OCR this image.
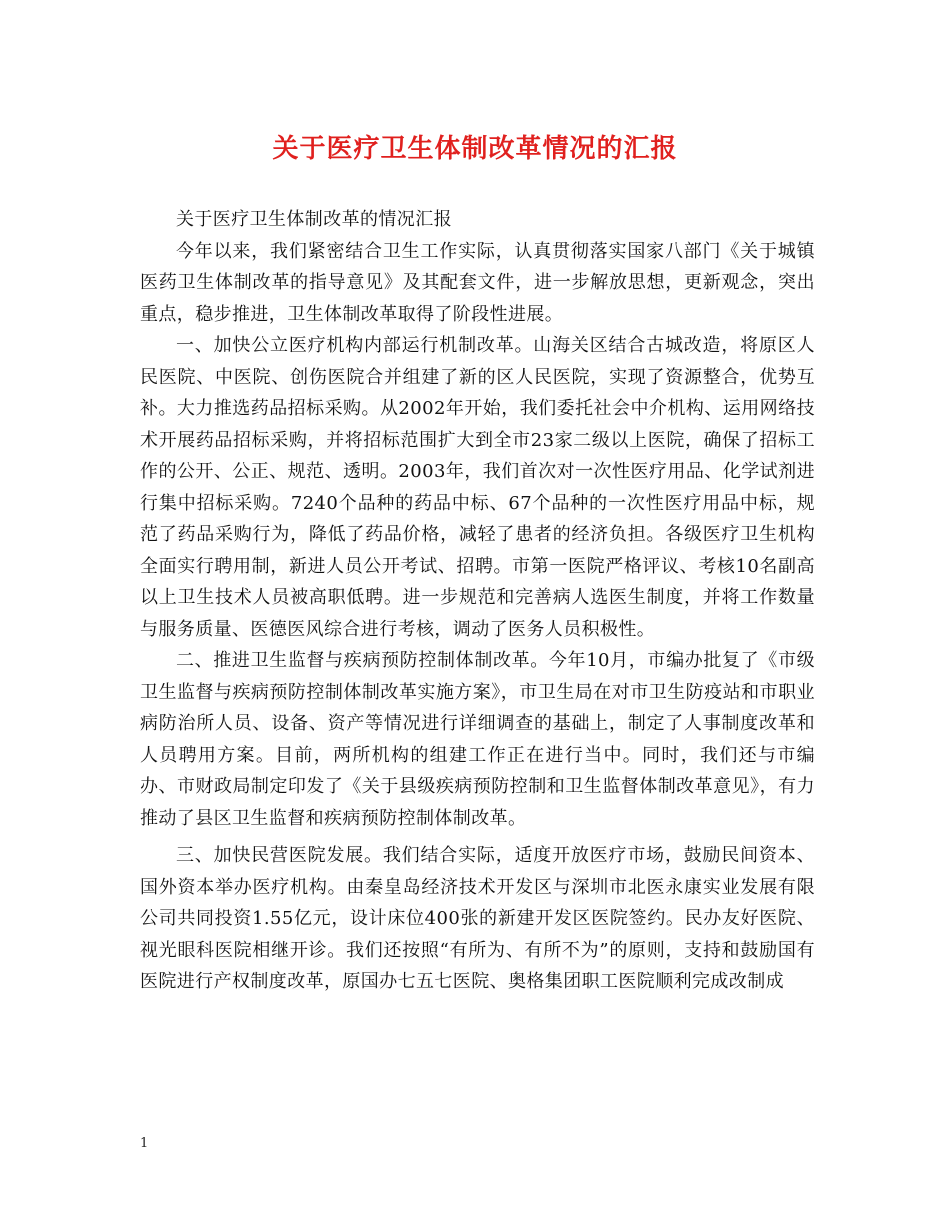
关于医疗卫生体制改革情况的汇报

关于医疗卫生体制改革的情况汇报

今年以来，我们紧密结合卫生工作实际，认真贯彻落实国家八部门《关于城镇医药卫生体制改革的指导意见》及其配套文件，进一步解放思想，更新观念，突出重点，稳步推进，卫生体制改革取得了阶段性进展。

一、加快公立医疗机构内部运行机制改革。山海关区结合古城改造，将原区人民医院、中医院、创伤医院合并组建了新的区人民医院，实现了资源整合，优势互补。大力推选药品招标采购。从2002年开始，我们委托社会中介机构、运用网络技术开展药品招标采购，并将招标范围扩大到全市23家二级以上医院，确保了招标工作的公开、公正、规范、透明。2003年，我们首次对一次性医疗用品、化学试剂进行集中招标采购。7240个品种的药品中标、67个品种的一次性医疗用品中标，规范了药品采购行为，降低了药品价格，减轻了患者的经济负担。各级医疗卫生机构全面实行聘用制，新进人员公开考试、招聘。市第一医院严格评议、考核10名副高以上卫生技术人员被高职低聘。进一步规范和完善病人选医生制度，并将工作数量与服务质量、医德医风综合进行考核，调动了医务人员积极性。

二、推进卫生监督与疾病预防控制体制改革。今年10月，市编办批复了《市级卫生监督与疾病预防控制体制改革实施方案》，市卫生局在对市卫生防疫站和市职业病防治所人员、设备、资产等情况进行详细调查的基础上，制定了人事制度改革和人员聘用方案。目前，两所机构的组建工作正在进行当中。同时，我们还与市编办、市财政局制定印发了《关于县级疾病预防控制和卫生监督体制改革意见》，有力推动了县区卫生监督和疾病预防控制体制改革。

三、加快民营医院发展。我们结合实际，适度开放医疗市场，鼓励民间资本、国外资本举办医疗机构。由秦皇岛经济技术开发区与深圳市北医永康实业发展有限公司共同投资1.55亿元，设计床位400张的新建开发区医院签约。民办友好医院、视光眼科医院相继开诊。我们还按照“有所为、有所不为”的原则，支持和鼓励国有医院进行产权制度改革，原国办七五七医院、奥格集团职工医院顺利完成改制成

1
